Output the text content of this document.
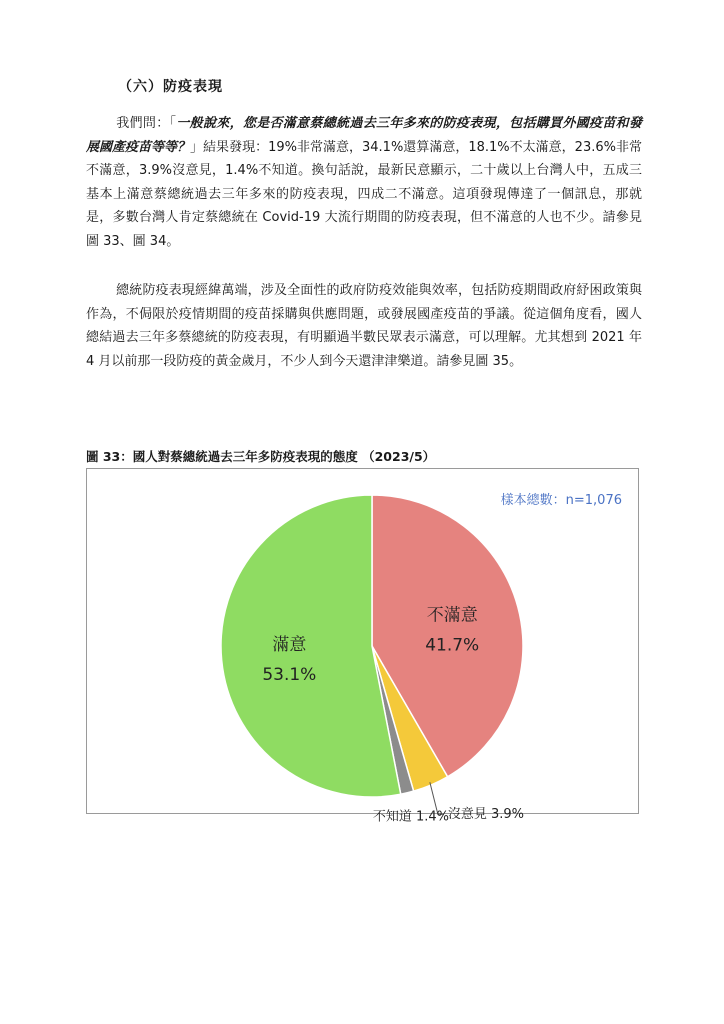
（六）防疫表現
我們問：「一般說來，您是否滿意蔡總統過去三年多來的防疫表現，包括購買外國疫苗和發展國產疫苗等等？」結果發現：19%非常滿意，34.1%還算滿意，18.1%不太滿意，23.6%非常不滿意，3.9%沒意見，1.4%不知道。換句話說，最新民意顯示，二十歲以上台灣人中，五成三基本上滿意蔡總統過去三年多來的防疫表現，四成二不滿意。這項發現傳達了一個訊息，那就是，多數台灣人肯定蔡總統在 Covid-19 大流行期間的防疫表現，但不滿意的人也不少。請參見圖 33、圖 34。
總統防疫表現經緯萬端，涉及全面性的政府防疫效能與效率，包括防疫期間政府紓困政策與作為，不侷限於疫情期間的疫苗採購與供應問題，或發展國產疫苗的爭議。從這個角度看，國人總結過去三年多蔡總統的防疫表現，有明顯過半數民眾表示滿意，可以理解。尤其想到 2021 年 4 月以前那一段防疫的黃金歲月，不少人到今天還津津樂道。請參見圖 35。
圖 33：國人對蔡總統過去三年多防疫表現的態度 （2023/5）
樣本總數：n=1,076
不滿意
41.7%
滿意
53.1%
沒意見 3.9%
不知道 1.4%
